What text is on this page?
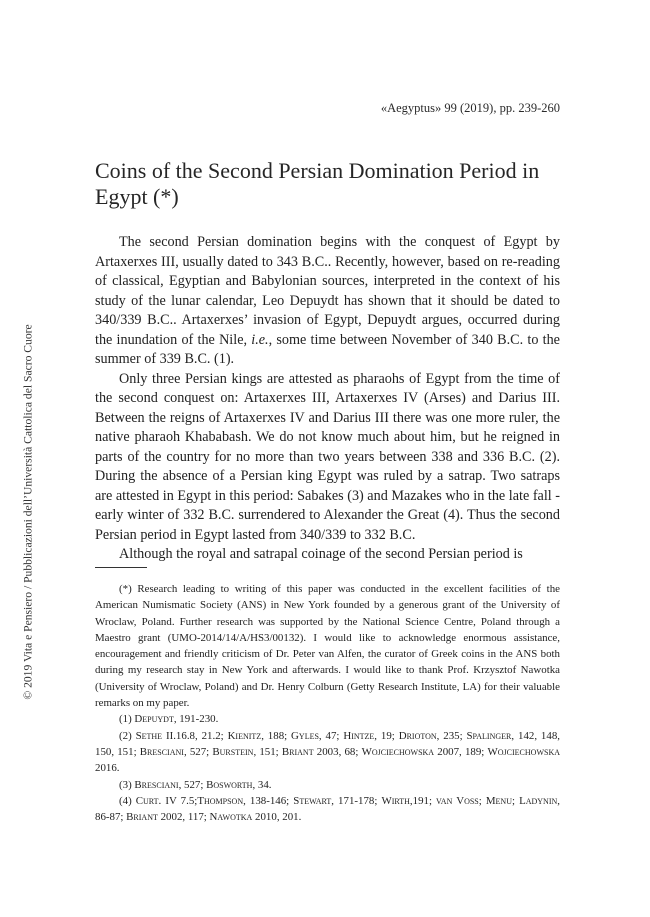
«Aegyptus» 99 (2019), pp. 239-260
Coins of the Second Persian Domination Period in Egypt (*)
© 2019 Vita e Pensiero / Pubblicazioni dell’Università Cattolica del Sacro Cuore

The second Persian domination begins with the conquest of Egypt by Artaxerxes III, usually dated to 343 B.C.. Recently, however, based on re-reading of classical, Egyptian and Babylonian sources, interpreted in the context of his study of the lunar calendar, Leo Depuydt has shown that it should be dated to 340/339 B.C.. Artaxerxes’ invasion of Egypt, Depuydt argues, occurred during the inundation of the Nile, i.e., some time between November of 340 B.C. to the summer of 339 B.C. (1).

Only three Persian kings are attested as pharaohs of Egypt from the time of the second conquest on: Artaxerxes III, Artaxerxes IV (Arses) and Darius III. Between the reigns of Artaxerxes IV and Darius III there was one more ruler, the native pharaoh Khababash. We do not know much about him, but he reigned in parts of the country for no more than two years between 338 and 336 B.C. (2). During the absence of a Persian king Egypt was ruled by a satrap. Two satraps are attested in Egypt in this period: Sabakes (3) and Mazakes who in the late fall - early winter of 332 B.C. surrendered to Alexander the Great (4). Thus the second Persian period in Egypt lasted from 340/339 to 332 B.C.

Although the royal and satrapal coinage of the second Persian period is

(*) Research leading to writing of this paper was conducted in the excellent facilities of the American Numismatic Society (ANS) in New York founded by a generous grant of the University of Wroclaw, Poland. Further research was supported by the National Science Centre, Poland through a Maestro grant (UMO-2014/14/A/HS3/00132). I would like to acknowledge enormous assistance, encouragement and friendly criticism of Dr. Peter van Alfen, the curator of Greek coins in the ANS both during my research stay in New York and afterwards. I would like to thank Prof. Krzysztof Nawotka (University of Wroclaw, Poland) and Dr. Henry Colburn (Getty Research Institute, LA) for their valuable remarks on my paper.

(1) Depuydt, 191-230.

(2) Sethe II.16.8, 21.2; Kienitz, 188; Gyles, 47; Hintze, 19; Drioton, 235; Spalinger, 142, 148, 150, 151; Bresciani, 527; Burstein, 151; Briant 2003, 68; Wojciechowska 2007, 189; Wojciechowska 2016.

(3) Bresciani, 527; Bosworth, 34.

(4) Curt. IV 7.5;Thompson, 138-146; Stewart, 171-178; Wirth,191; van Voss; Menu; Ladynin, 86-87; Briant 2002, 117; Nawotka 2010, 201.
